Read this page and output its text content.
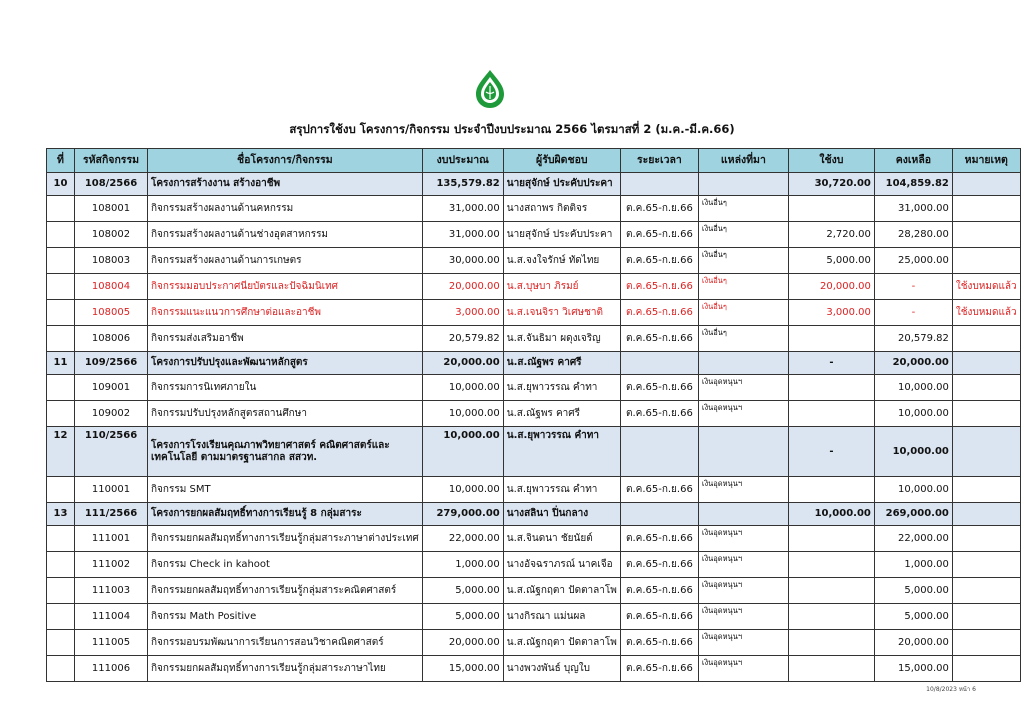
สรุปการใช้งบ โครงการ/กิจกรรม ประจำปีงบประมาณ 2566 ไตรมาสที่ 2 (ม.ค.-มี.ค.66)
ที่	รหัสกิจกรรม	ชื่อโครงการ/กิจกรรม	งบประมาณ	ผู้รับผิดชอบ	ระยะเวลา	แหล่งที่มา	ใช้งบ	คงเหลือ	หมายเหตุ
10	108/2566	โครงการสร้างงาน สร้างอาชีพ	135,579.82	นายสุจักษ์ ประคับประคา			30,720.00	104,859.82	
	108001	กิจกรรมสร้างผลงานด้านคหกรรม	31,000.00	นางสถาพร กิตติจร	ต.ค.65-ก.ย.66	เงินอื่นๆ		31,000.00	
	108002	กิจกรรมสร้างผลงานด้านช่างอุตสาหกรรม	31,000.00	นายสุจักษ์ ประคับประคา	ต.ค.65-ก.ย.66	เงินอื่นๆ	2,720.00	28,280.00	
	108003	กิจกรรมสร้างผลงานด้านการเกษตร	30,000.00	น.ส.จงใจรักษ์ ทัดไทย	ต.ค.65-ก.ย.66	เงินอื่นๆ	5,000.00	25,000.00	
	108004	กิจกรรมมอบประกาศนียบัตรและปัจฉิมนิเทศ	20,000.00	น.ส.บุษบา ภิรมย์	ต.ค.65-ก.ย.66	เงินอื่นๆ	20,000.00	-	ใช้งบหมดแล้ว
	108005	กิจกรรมแนะแนวการศึกษาต่อและอาชีพ	3,000.00	น.ส.เจนจิรา วิเศษชาติ	ต.ค.65-ก.ย.66	เงินอื่นๆ	3,000.00	-	ใช้งบหมดแล้ว
	108006	กิจกรรมส่งเสริมอาชีพ	20,579.82	น.ส.จันธิมา ผดุงเจริญ	ต.ค.65-ก.ย.66	เงินอื่นๆ		20,579.82	
11	109/2566	โครงการปรับปรุงและพัฒนาหลักสูตร	20,000.00	น.ส.ณัฐพร คาศรี			-	20,000.00	
	109001	กิจกรรมการนิเทศภายใน	10,000.00	น.ส.ยุพาวรรณ คำทา	ต.ค.65-ก.ย.66	เงินอุดหนุนฯ		10,000.00	
	109002	กิจกรรมปรับปรุงหลักสูตรสถานศึกษา	10,000.00	น.ส.ณัฐพร คาศรี	ต.ค.65-ก.ย.66	เงินอุดหนุนฯ		10,000.00	
12	110/2566	โครงการโรงเรียนคุณภาพวิทยาศาสตร์ คณิตศาสตร์และเทคโนโลยี ตามมาตรฐานสากล สสวท.	10,000.00	น.ส.ยุพาวรรณ คำทา			-	10,000.00	
	110001	กิจกรรม SMT	10,000.00	น.ส.ยุพาวรรณ คำทา	ต.ค.65-ก.ย.66	เงินอุดหนุนฯ		10,000.00	
13	111/2566	โครงการยกผลสัมฤทธิ์ทางการเรียนรู้ 8 กลุ่มสาระ	279,000.00	นางสลินา ปิ่นกลาง			10,000.00	269,000.00	
	111001	กิจกรรมยกผลสัมฤทธิ์ทางการเรียนรู้กลุ่มสาระภาษาต่างประเทศ	22,000.00	น.ส.จินดนา ชัยนัยต์	ต.ค.65-ก.ย.66	เงินอุดหนุนฯ		22,000.00	
	111002	กิจกรรม Check in kahoot	1,000.00	นางอัจฉราภรณ์ นาคเจือ	ต.ค.65-ก.ย.66	เงินอุดหนุนฯ		1,000.00	
	111003	กิจกรรมยกผลสัมฤทธิ์ทางการเรียนรู้กลุ่มสาระคณิตศาสตร์	5,000.00	น.ส.ณัฐกฤตา ปัดตาลาโพ	ต.ค.65-ก.ย.66	เงินอุดหนุนฯ		5,000.00	
	111004	กิจกรรม Math Positive	5,000.00	นางกิรณา แม่นผล	ต.ค.65-ก.ย.66	เงินอุดหนุนฯ		5,000.00	
	111005	กิจกรรมอบรมพัฒนาการเรียนการสอนวิชาคณิตศาสตร์	20,000.00	น.ส.ณัฐกฤตา ปัดตาลาโพ	ต.ค.65-ก.ย.66	เงินอุดหนุนฯ		20,000.00	
	111006	กิจกรรมยกผลสัมฤทธิ์ทางการเรียนรู้กลุ่มสาระภาษาไทย	15,000.00	นางพวงพันธ์ บุญใบ	ต.ค.65-ก.ย.66	เงินอุดหนุนฯ		15,000.00	
10/8/2023 หน้า 6
